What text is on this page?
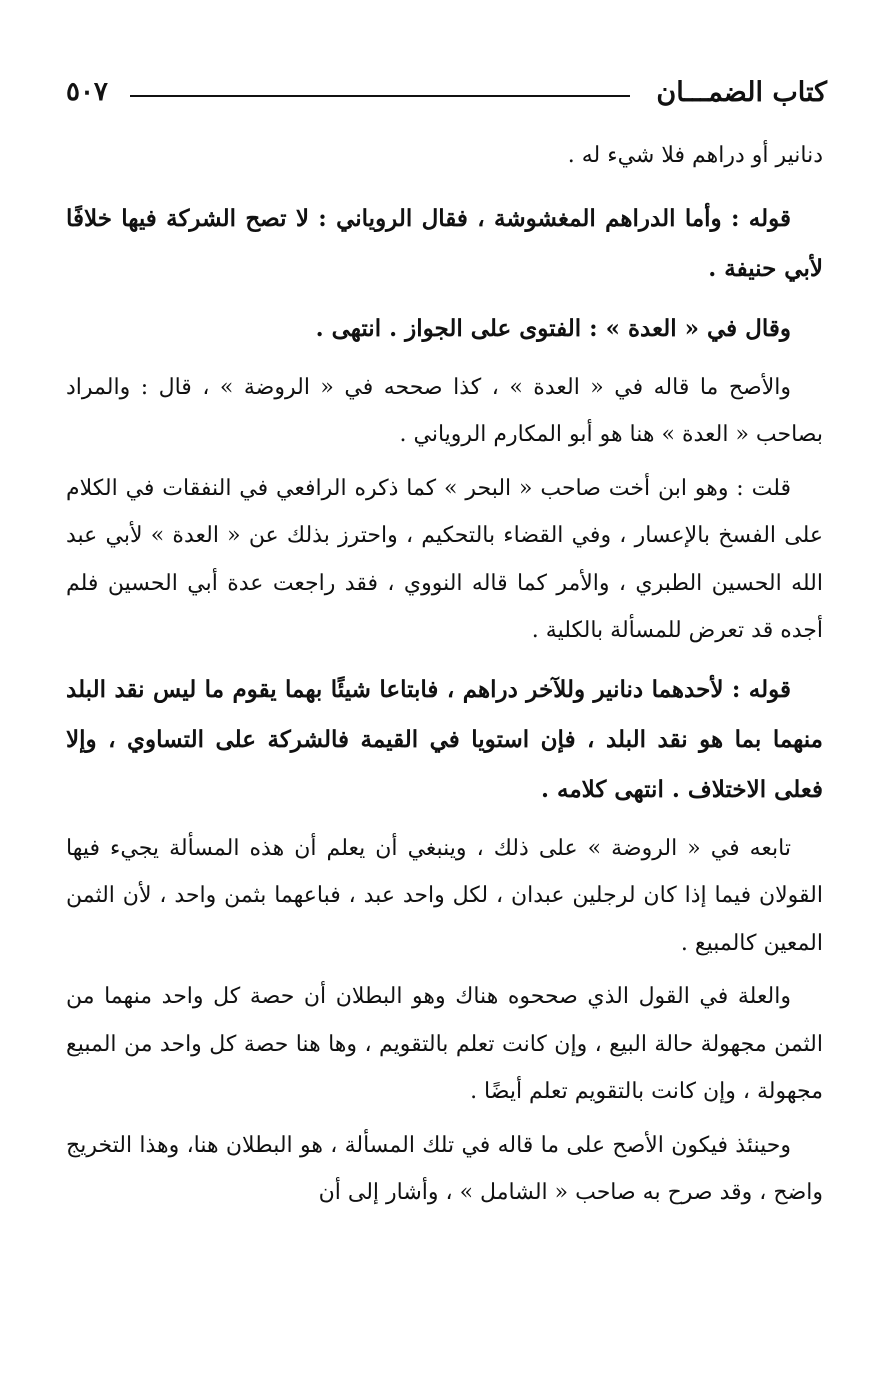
كتاب الضمـــان
٥٠٧

دنانير أو دراهم فلا شيء له .

قوله : وأما الدراهم المغشوشة ، فقال الروياني : لا تصح الشركة فيها خلافًا لأبي حنيفة .

وقال في « العدة » : الفتوى على الجواز . انتهى .

والأصح ما قاله في « العدة » ، كذا صححه في « الروضة » ، قال : والمراد بصاحب « العدة » هنا هو أبو المكارم الروياني .

قلت : وهو ابن أخت صاحب « البحر » كما ذكره الرافعي في النفقات في الكلام على الفسخ بالإعسار ، وفي القضاء بالتحكيم ، واحترز بذلك عن « العدة » لأبي عبد الله الحسين الطبري ، والأمر كما قاله النووي ، فقد راجعت عدة أبي الحسين فلم أجده قد تعرض للمسألة بالكلية .

قوله : لأحدهما دنانير وللآخر دراهم ، فابتاعا شيئًا بهما يقوم ما ليس نقد البلد منهما بما هو نقد البلد ، فإن استويا في القيمة فالشركة على التساوي ، وإلا فعلى الاختلاف . انتهى كلامه .

تابعه في « الروضة » على ذلك ، وينبغي أن يعلم أن هذه المسألة يجيء فيها القولان فيما إذا كان لرجلين عبدان ، لكل واحد عبد ، فباعهما بثمن واحد ، لأن الثمن المعين كالمبيع .

والعلة في القول الذي صححوه هناك وهو البطلان أن حصة كل واحد منهما من الثمن مجهولة حالة البيع ، وإن كانت تعلم بالتقويم ، وها هنا حصة كل واحد من المبيع مجهولة ، وإن كانت بالتقويم تعلم أيضًا .

وحينئذ فيكون الأصح على ما قاله في تلك المسألة ، هو البطلان هنا، وهذا التخريج واضح ، وقد صرح به صاحب « الشامل » ، وأشار إلى أن
